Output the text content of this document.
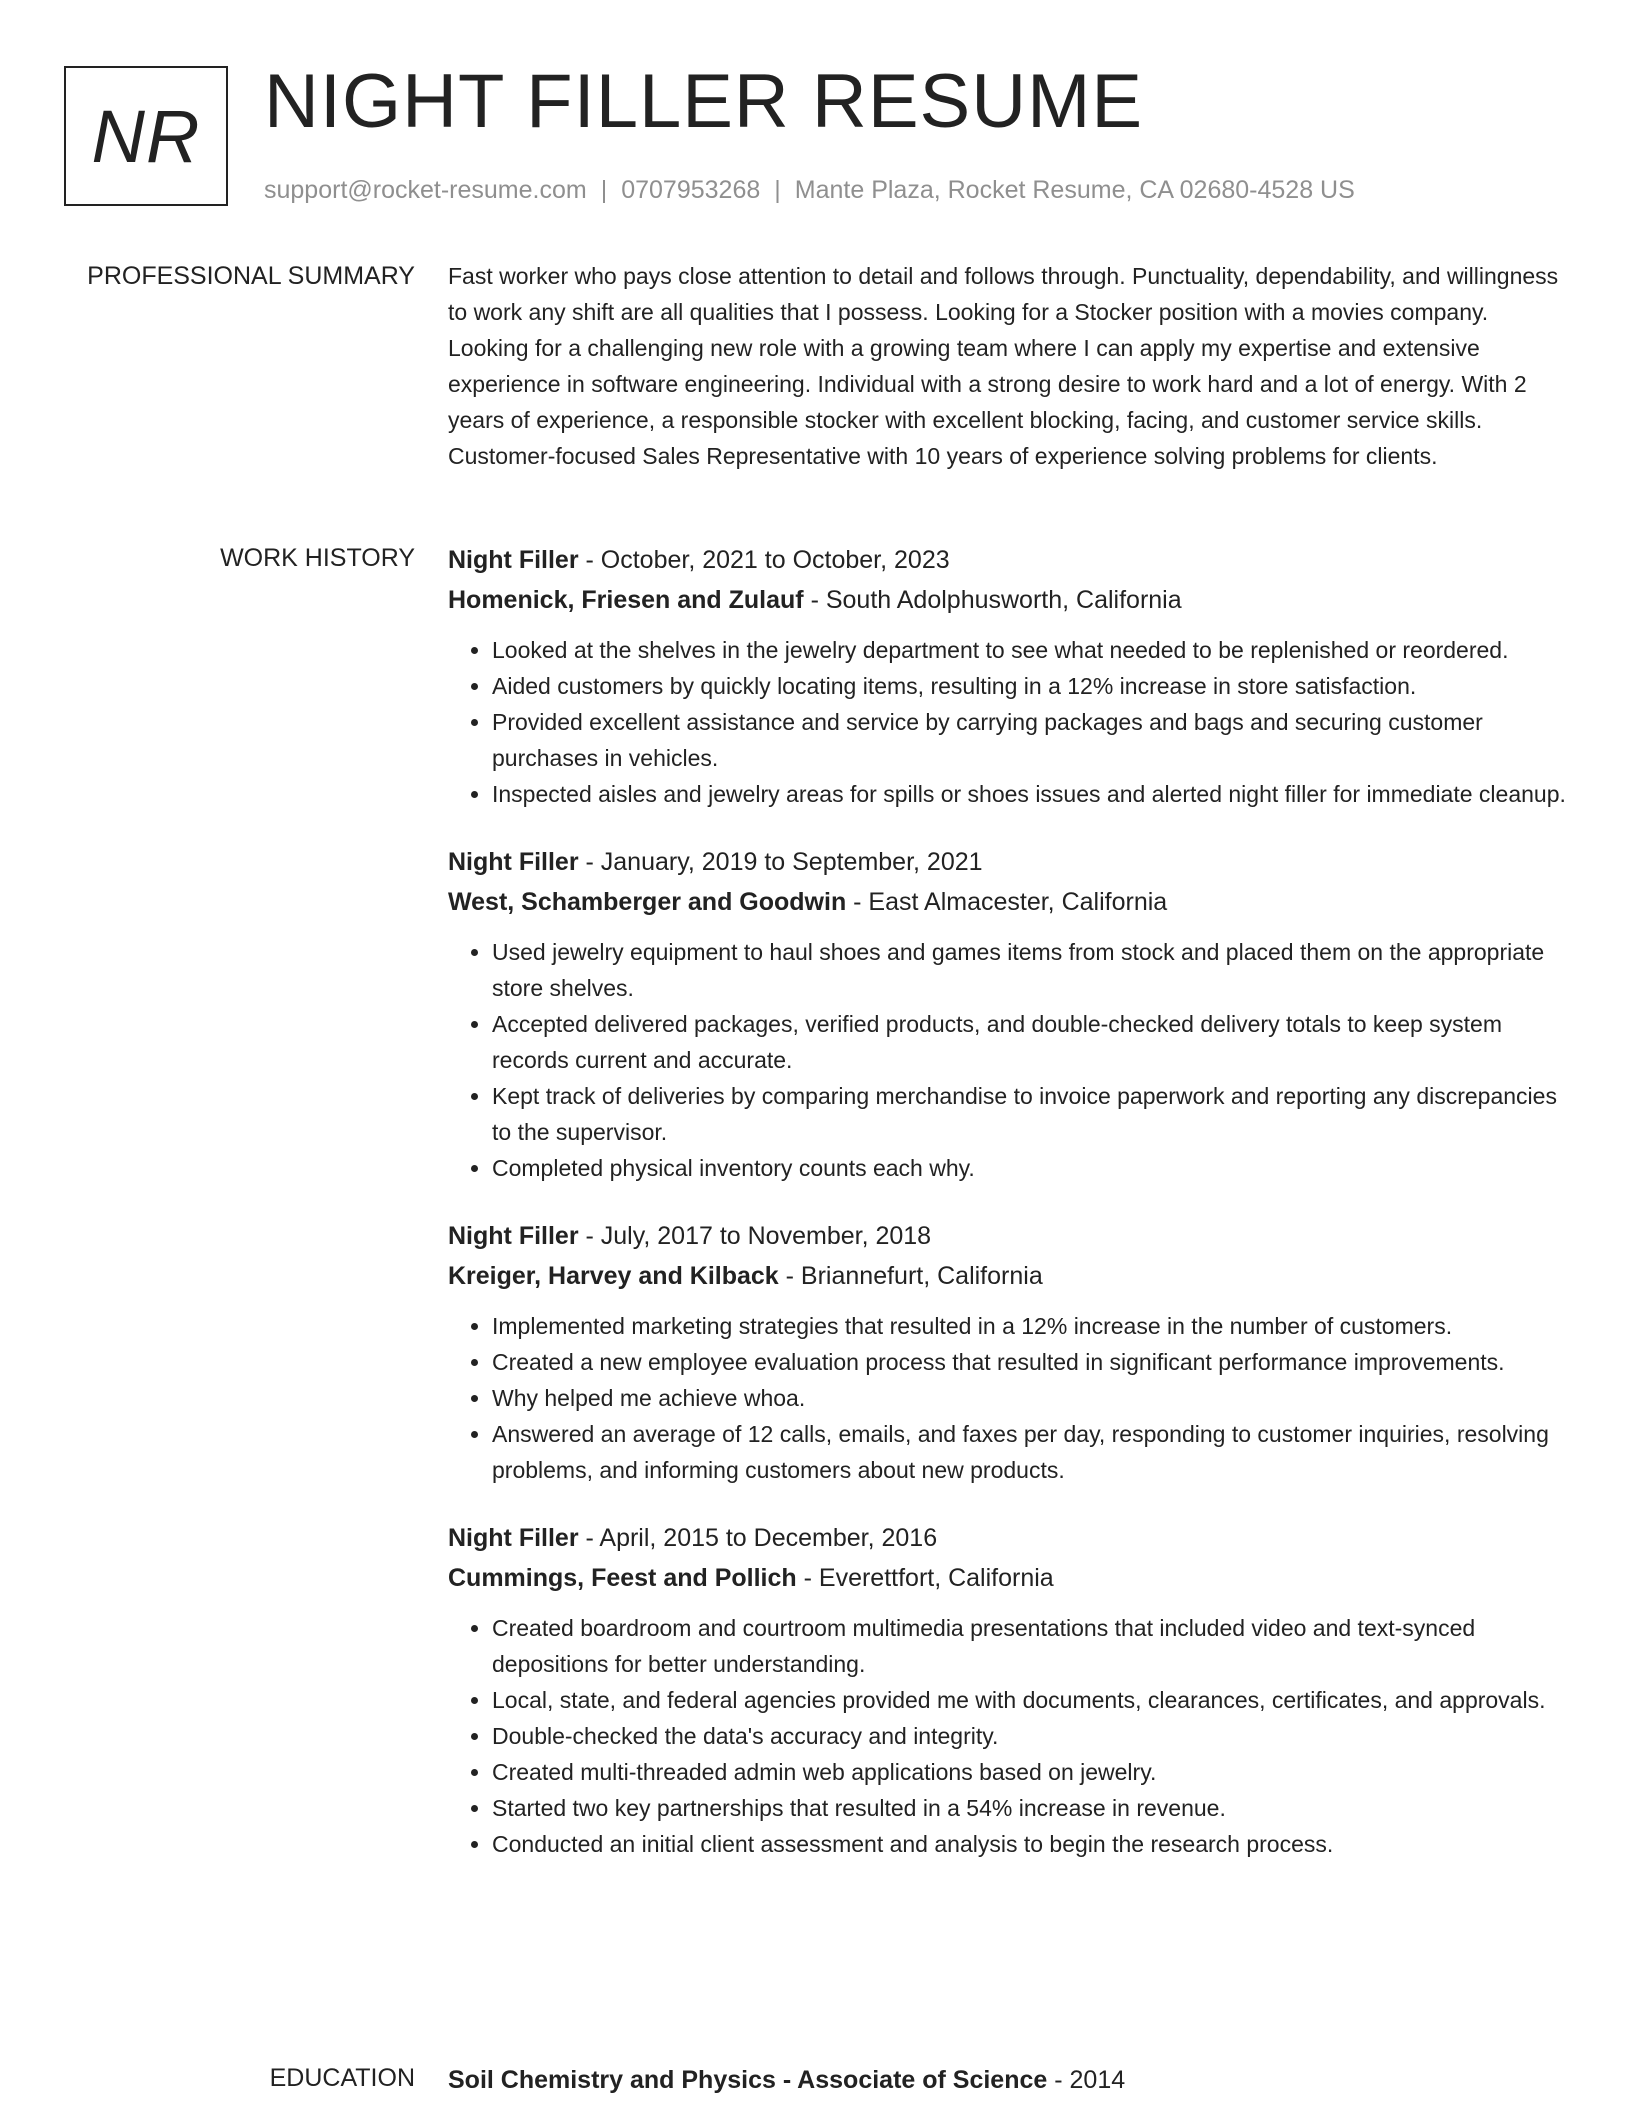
NR NIGHT FILLER RESUME
support@rocket-resume.com | 0707953268 | Mante Plaza, Rocket Resume, CA 02680-4528 US
PROFESSIONAL SUMMARY Fast worker who pays close attention to detail and follows through. Punctuality, dependability, and willingness to work any shift are all qualities that I possess. Looking for a Stocker position with a movies company. Looking for a challenging new role with a growing team where I can apply my expertise and extensive experience in software engineering. Individual with a strong desire to work hard and a lot of energy. With 2 years of experience, a responsible stocker with excellent blocking, facing, and customer service skills. Customer-focused Sales Representative with 10 years of experience solving problems for clients.

WORK HISTORY Night Filler - October, 2021 to October, 2023
Homenick, Friesen and Zulauf - South Adolphusworth, California
• Looked at the shelves in the jewelry department to see what needed to be replenished or reordered.
• Aided customers by quickly locating items, resulting in a 12% increase in store satisfaction.
• Provided excellent assistance and service by carrying packages and bags and securing customer purchases in vehicles.
• Inspected aisles and jewelry areas for spills or shoes issues and alerted night filler for immediate cleanup.
Night Filler - January, 2019 to September, 2021
West, Schamberger and Goodwin - East Almacester, California
• Used jewelry equipment to haul shoes and games items from stock and placed them on the appropriate store shelves.
• Accepted delivered packages, verified products, and double-checked delivery totals to keep system records current and accurate.
• Kept track of deliveries by comparing merchandise to invoice paperwork and reporting any discrepancies to the supervisor.
• Completed physical inventory counts each why.
Night Filler - July, 2017 to November, 2018
Kreiger, Harvey and Kilback - Briannefurt, California
• Implemented marketing strategies that resulted in a 12% increase in the number of customers.
• Created a new employee evaluation process that resulted in significant performance improvements.
• Why helped me achieve whoa.
• Answered an average of 12 calls, emails, and faxes per day, responding to customer inquiries, resolving problems, and informing customers about new products.
Night Filler - April, 2015 to December, 2016
Cummings, Feest and Pollich - Everettfort, California
• Created boardroom and courtroom multimedia presentations that included video and text-synced depositions for better understanding.
• Local, state, and federal agencies provided me with documents, clearances, certificates, and approvals.
• Double-checked the data's accuracy and integrity.
• Created multi-threaded admin web applications based on jewelry.
• Started two key partnerships that resulted in a 54% increase in revenue.
• Conducted an initial client assessment and analysis to begin the research process.
EDUCATION Soil Chemistry and Physics - Associate of Science - 2014
